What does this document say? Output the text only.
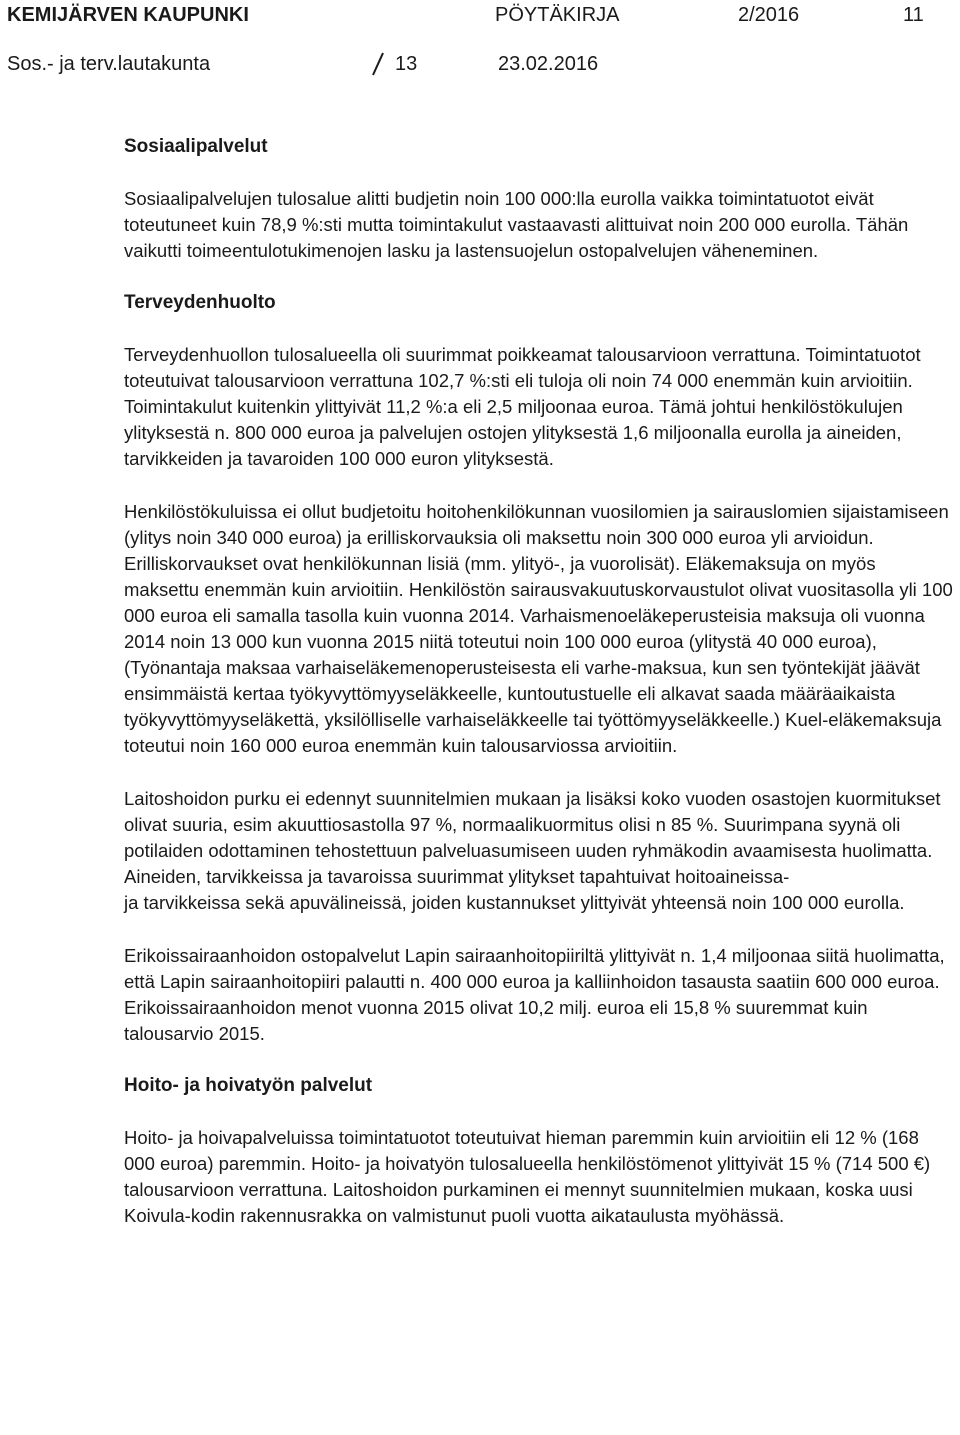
KEMIJÄRVEN KAUPUNKI	PÖYTÄKIRJA	2/2016	11
Sos.- ja terv.lautakunta	13	23.02.2016
Sosiaalipalvelut

Sosiaalipalvelujen tulosalue alitti budjetin noin 100 000:lla eurolla vaikka toimintatuotot eivät toteutuneet kuin 78,9 %:sti mutta toimintakulut vastaavasti alittuivat noin 200 000 eurolla. Tähän vaikutti toimeentulotukimenojen lasku ja lastensuojelun ostopalvelujen väheneminen.

Terveydenhuolto

Terveydenhuollon tulosalueella oli suurimmat poikkeamat talousarvioon verrattuna. Toimintatuotot toteutuivat talousarvioon verrattuna 102,7 %:sti eli tuloja oli noin 74 000 enemmän kuin arvioitiin. Toimintakulut kuitenkin ylittyivät 11,2 %:a eli 2,5 miljoonaa euroa. Tämä johtui henkilöstökulujen ylityksestä n. 800 000 euroa ja palvelujen ostojen ylityksestä 1,6 miljoonalla eurolla ja aineiden, tarvikkeiden ja tavaroiden 100 000 euron ylityksestä.

Henkilöstökuluissa ei ollut budjetoitu hoitohenkilökunnan vuosilomien ja sairauslomien sijaistamiseen (ylitys noin 340 000 euroa) ja erilliskorvauksia oli maksettu noin 300 000 euroa yli arvioidun. Erilliskorvaukset ovat henkilökunnan lisiä (mm. ylityö-, ja vuorolisät). Eläkemaksuja on myös maksettu enemmän kuin arvioitiin. Henkilöstön sairausvakuutuskorvaustulot olivat vuositasolla yli 100 000 euroa eli samalla tasolla kuin vuonna 2014. Varhaismenoeläkeperusteisia maksuja oli vuonna 2014 noin 13 000 kun vuonna 2015 niitä toteutui noin 100 000 euroa (ylitystä 40 000 euroa), (Työnantaja maksaa varhaiseläkemenoperusteisesta eli varhe-maksua, kun sen työntekijät jäävät ensimmäistä kertaa työkyvyttömyyseläkkeelle, kuntoutustuelle eli alkavat saada määräaikaista työkyvyttömyyseläkettä, yksilölliselle varhaiseläkkeelle tai työttömyyseläkkeelle.) Kuel-eläkemaksuja toteutui noin 160 000 euroa enemmän kuin talousarviossa arvioitiin.

Laitoshoidon purku ei edennyt suunnitelmien mukaan ja lisäksi koko vuoden osastojen kuormitukset olivat suuria, esim akuuttiosastolla 97 %, normaalikuormitus olisi n 85 %. Suurimpana syynä oli potilaiden odottaminen tehostettuun palveluasumiseen uuden ryhmäkodin avaamisesta huolimatta. Aineiden, tarvikkeissa ja tavaroissa suurimmat ylitykset tapahtuivat hoitoaineissa-
ja tarvikkeissa sekä apuvälineissä, joiden kustannukset ylittyivät yhteensä noin 100 000 eurolla.

Erikoissairaanhoidon ostopalvelut Lapin sairaanhoitopiiriltä ylittyivät n. 1,4 miljoonaa siitä huolimatta, että Lapin sairaanhoitopiiri palautti n. 400 000 euroa ja kalliinhoidon tasausta saatiin 600 000 euroa. Erikoissairaanhoidon menot vuonna 2015 olivat 10,2 milj. euroa eli 15,8 % suuremmat kuin talousarvio 2015.

Hoito- ja hoivatyön palvelut

Hoito- ja hoivapalveluissa toimintatuotot toteutuivat hieman paremmin kuin arvioitiin eli 12 % (168 000 euroa) paremmin. Hoito- ja hoivatyön tulosalueella henkilöstömenot ylittyivät 15 % (714 500 €) talousarvioon verrattuna. Laitoshoidon purkaminen ei mennyt suunnitelmien mukaan, koska uusi Koivula-kodin rakennusrakka on valmistunut puoli vuotta aikataulusta myöhässä.
